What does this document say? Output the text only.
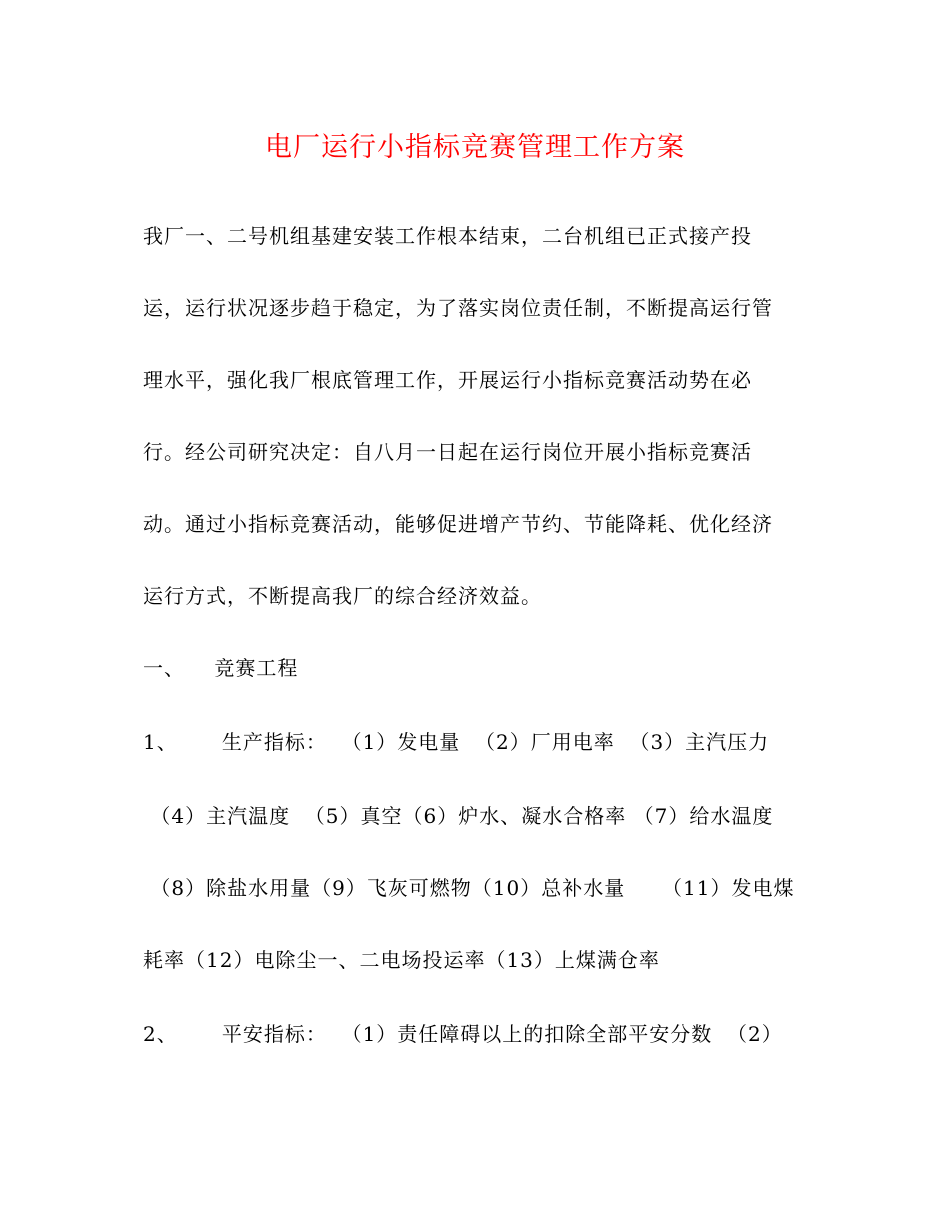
电厂运行小指标竞赛管理工作方案
我厂一、二号机组基建安装工作根本结束，二台机组已正式接产投
运，运行状况逐步趋于稳定，为了落实岗位责任制，不断提高运行管
理水平，强化我厂根底管理工作，开展运行小指标竞赛活动势在必
行。经公司研究决定：自八月一日起在运行岗位开展小指标竞赛活
动。通过小指标竞赛活动，能够促进增产节约、节能降耗、优化经济
运行方式，不断提高我厂的综合经济效益。
一、    竞赛工程
1、      生产指标：  （1）发电量  （2）厂用电率  （3）主汽压力
（4）主汽温度  （5）真空（6）炉水、凝水合格率 （7）给水温度
（8）除盐水用量（9）飞灰可燃物（10）总补水量     （11）发电煤
耗率（12）电除尘一、二电场投运率（13）上煤满仓率
2、      平安指标：  （1）责任障碍以上的扣除全部平安分数  （2）
